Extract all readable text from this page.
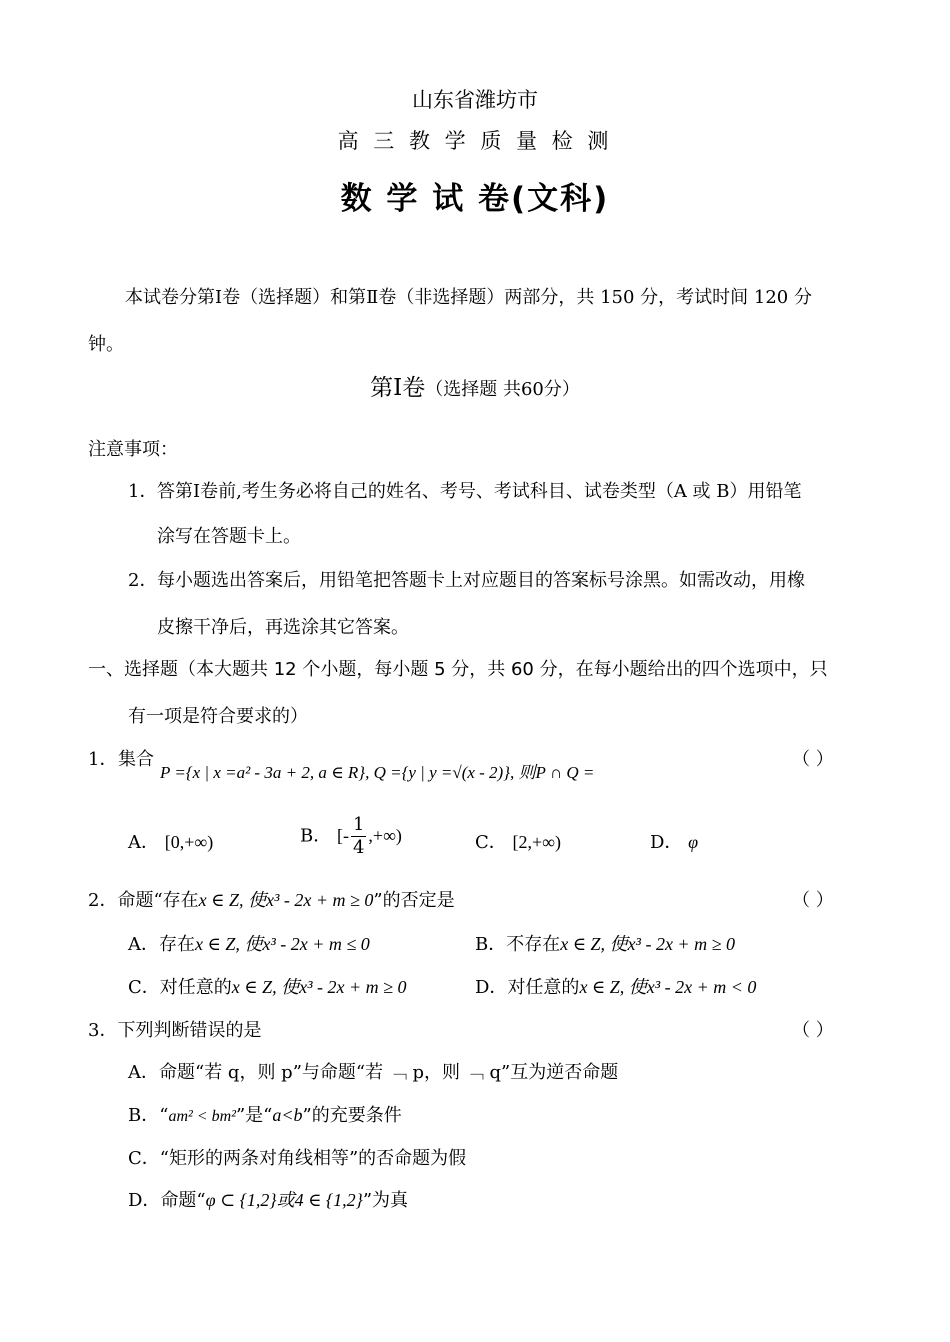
山东省潍坊市
高 三 教 学 质 量 检 测
数 学 试 卷(文科)
本试卷分第Ⅰ卷（选择题）和第Ⅱ卷（非选择题）两部分，共 150 分，考试时间 120 分
钟。
第Ⅰ卷（选择题 共60分）
注意事项：
1． 答第Ⅰ卷前,考生务必将自己的姓名、考号、考试科目、试卷类型（A 或 B）用铅笔
涂写在答题卡上。
2． 每小题选出答案后，用铅笔把答题卡上对应题目的答案标号涂黑。如需改动，用橡
皮擦干净后，再选涂其它答案。
一、选择题（本大题共 12 个小题，每小题 5 分，共 60 分，在每小题给出的四个选项中，只
有一项是符合要求的）
1． 集合
P ={x | x =a² - 3a + 2, a ∈ R}, Q ={y | y =√(x - 2)}, 则P ∩ Q =
（ ）
A． [0,+∞)	B． [- $\frac{1}{4}$ ,+∞)	C． [2,+∞)	D． φ
2．命题“存在x ∈ Z, 使x³ - 2x + m ≥ 0”的否定是	（ ）
A．存在x ∈ Z, 使x³ - 2x + m ≤ 0	B．不存在x ∈ Z, 使x³ - 2x + m ≥ 0
C．对任意的x ∈ Z, 使x³ - 2x + m ≥ 0	D．对任意的x ∈ Z, 使x³ - 2x + m < 0
3．下列判断错误的是	（ ）
A．命题“若 q，则 p”与命题“若 ﹁ p，则 ﹁ q”互为逆否命题
B．“am² < bm²”是“a<b”的充要条件
C．“矩形的两条对角线相等”的否命题为假
D．命题“φ ⊂ {1,2}或4 ∈ {1,2}”为真
